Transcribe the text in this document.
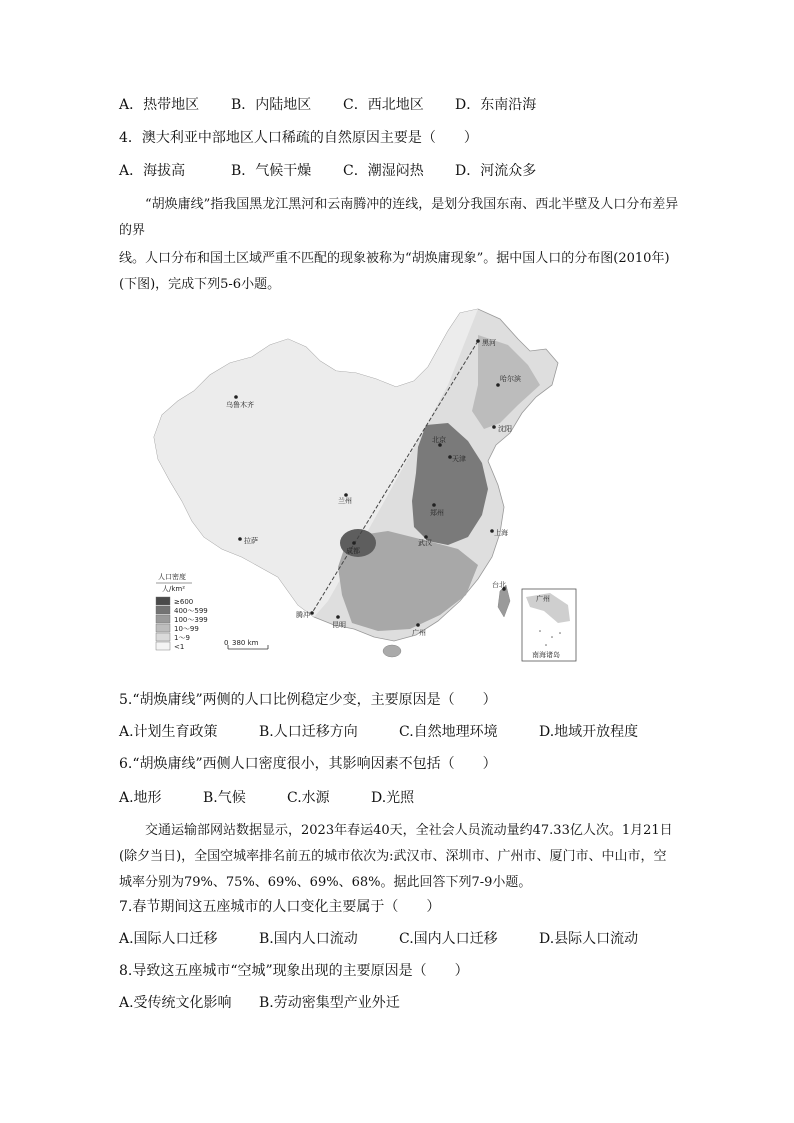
A．热带地区 B．内陆地区 C．西北地区 D．东南沿海
4．澳大利亚中部地区人口稀疏的自然原因主要是（　　）
A．海拔高	B．气候干燥 C．潮湿闷热 D．河流众多
“胡焕庸线”指我国黑龙江黑河和云南腾冲的连线，是划分我国东南、西北半壁及人口分布差异的界
线。人口分布和国土区域严重不匹配的现象被称为“胡焕庸现象”。据中国人口的分布图(2010年)(下图)，完成下列5-6小题。
黑河
哈尔滨
乌鲁木齐
沈阳
北京
天津
兰州
郑州
上海
拉萨
成都
武汉
腾冲
昆明
台北
广州
人口密度
人/km²
≥600
400～599
100～399
10～99
1～9
<1	0 380 km
广州
南海诸岛
5.“胡焕庸线”两侧的人口比例稳定少变，主要原因是（　　）
A.计划生育政策	B.人口迁移方向	C.自然地理环境	D.地域开放程度
6.“胡焕庸线”西侧人口密度很小，其影响因素不包括（　　）
A.地形	B.气候	C.水源	D.光照
交通运输部网站数据显示，2023年春运40天，全社会人员流动量约47.33亿人次。1月21日(除夕当日)，全国空城率排名前五的城市依次为:武汉市、深圳市、广州市、厦门市、中山市，空城率分别为79%、75%、69%、69%、68%。据此回答下列7-9小题。
7.春节期间这五座城市的人口变化主要属于（　　）
A.国际人口迁移	B.国内人口流动	C.国内人口迁移	D.县际人口流动
8.导致这五座城市“空城”现象出现的主要原因是（　　）
A.受传统文化影响 B.劳动密集型产业外迁
